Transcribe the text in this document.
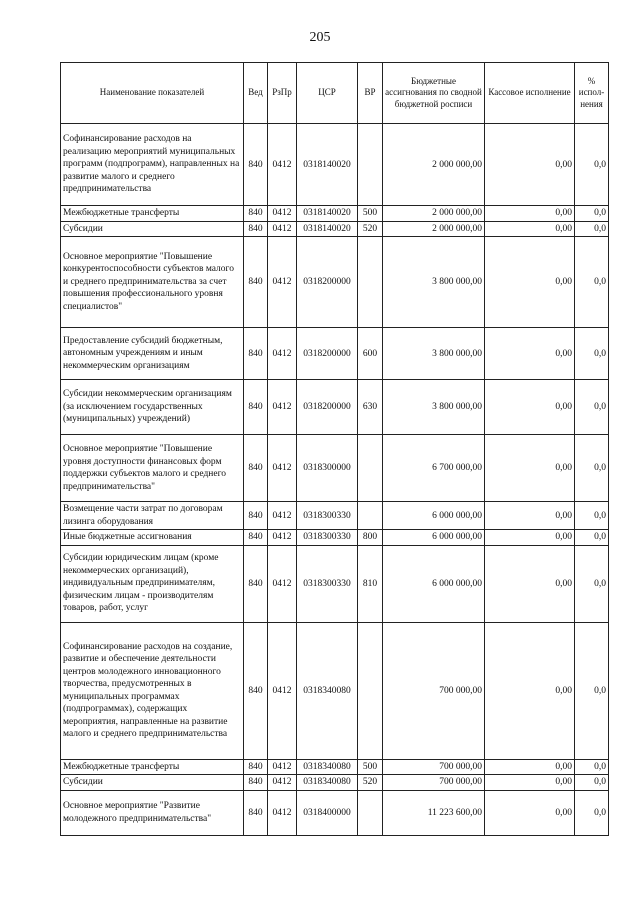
205
Наименование показателей	Вед	РзПр	ЦСР	ВР	Бюджетные ассигнования по сводной бюджетной росписи	Кассовое исполнение	% испол-нения
Софинансирование расходов на реализацию мероприятий муниципальных программ (подпрограмм), направленных на развитие малого и среднего предпринимательства	840	0412	0318140020		2 000 000,00	0,00	0,0
Межбюджетные трансферты	840	0412	0318140020	500	2 000 000,00	0,00	0,0
Субсидии	840	0412	0318140020	520	2 000 000,00	0,00	0,0
Основное мероприятие "Повышение конкурентоспособности субъектов малого и среднего предпринимательства за счет повышения профессионального уровня специалистов"	840	0412	0318200000		3 800 000,00	0,00	0,0
Предоставление субсидий бюджетным, автономным учреждениям и иным некоммерческим организациям	840	0412	0318200000	600	3 800 000,00	0,00	0,0
Субсидии некоммерческим организациям (за исключением государственных (муниципальных) учреждений)	840	0412	0318200000	630	3 800 000,00	0,00	0,0
Основное мероприятие "Повышение уровня доступности финансовых форм поддержки субъектов малого и среднего предпринимательства"	840	0412	0318300000		6 700 000,00	0,00	0,0
Возмещение части затрат по договорам лизинга оборудования	840	0412	0318300330		6 000 000,00	0,00	0,0
Иные бюджетные ассигнования	840	0412	0318300330	800	6 000 000,00	0,00	0,0
Субсидии юридическим лицам (кроме некоммерческих организаций), индивидуальным предпринимателям, физическим лицам - производителям товаров, работ, услуг	840	0412	0318300330	810	6 000 000,00	0,00	0,0
Софинансирование расходов на создание, развитие и обеспечение деятельности центров молодежного инновационного творчества, предусмотренных в муниципальных программах (подпрограммах), содержащих мероприятия, направленные на развитие малого и среднего предпринимательства	840	0412	0318340080		700 000,00	0,00	0,0
Межбюджетные трансферты	840	0412	0318340080	500	700 000,00	0,00	0,0
Субсидии	840	0412	0318340080	520	700 000,00	0,00	0,0
Основное мероприятие "Развитие молодежного предпринимательства"	840	0412	0318400000		11 223 600,00	0,00	0,0
